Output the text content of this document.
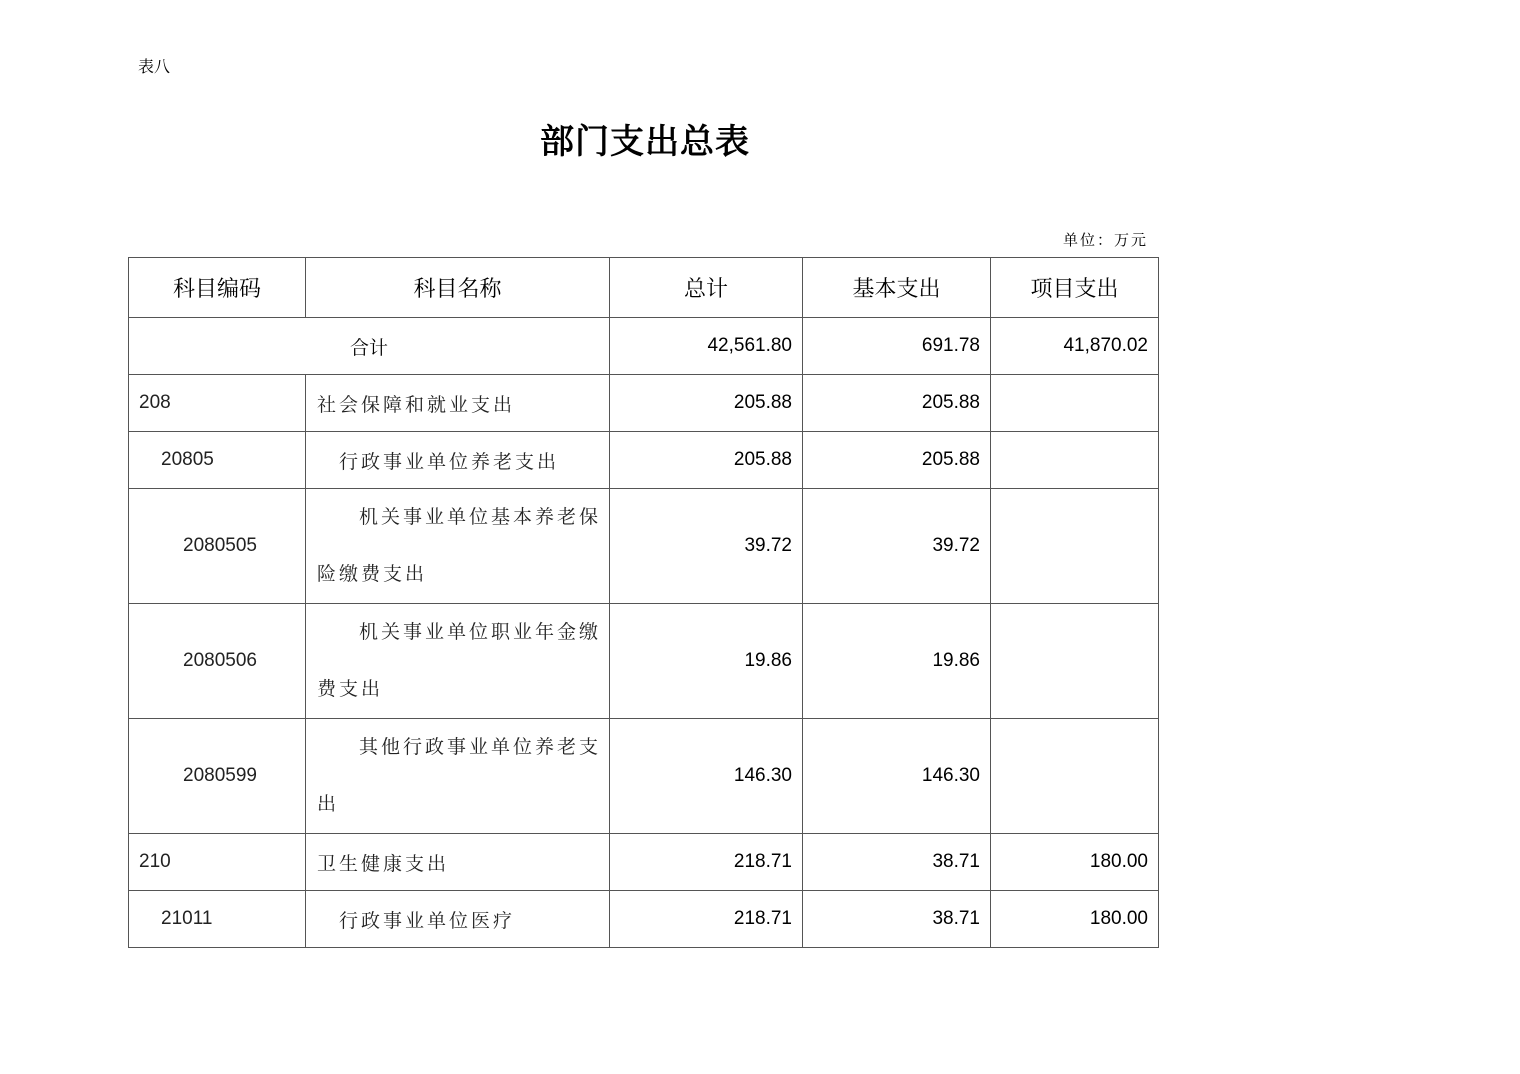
表八
部门支出总表
单位：万元
科目编码	科目名称	总计	基本支出	项目支出
合计		42,561.80	691.78	41,870.02
208	社会保障和就业支出	205.88	205.88	
20805	行政事业单位养老支出	205.88	205.88	
2080505	机关事业单位基本养老保险缴费支出	39.72	39.72	
2080506	机关事业单位职业年金缴费支出	19.86	19.86	
2080599	其他行政事业单位养老支出	146.30	146.30	
210	卫生健康支出	218.71	38.71	180.00
21011	行政事业单位医疗	218.71	38.71	180.00
